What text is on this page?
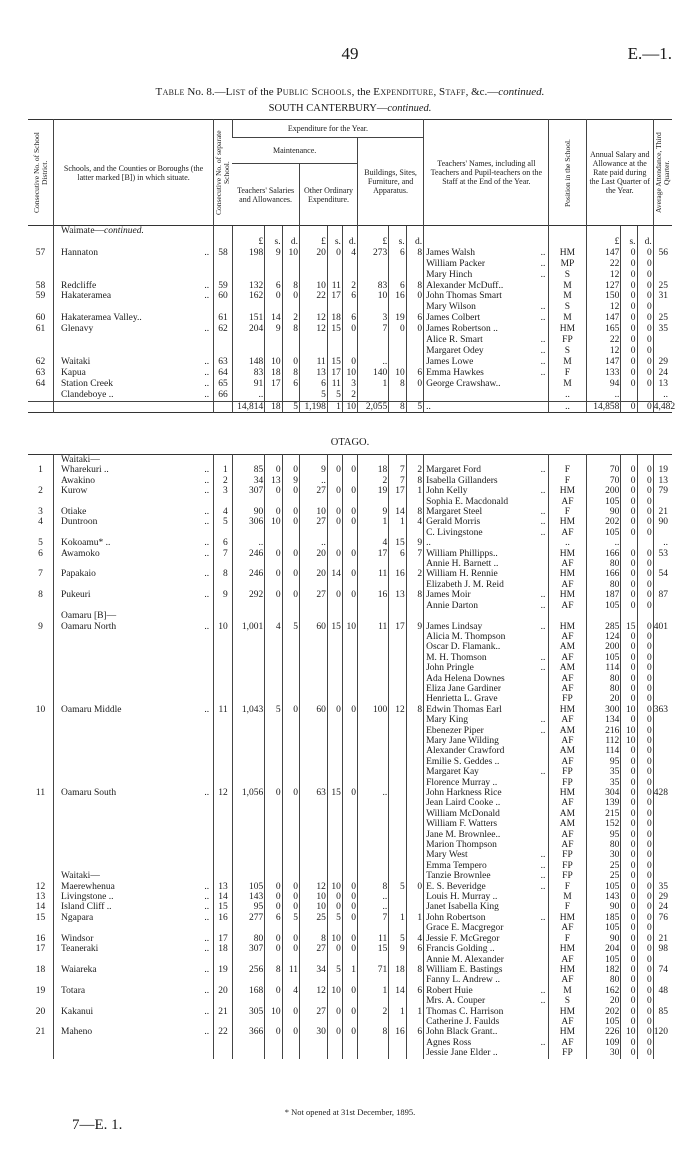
49	E.—1.
Table No. 8.—List of the Public Schools, the Expenditure, Staff, &c.—continued.
SOUTH CANTERBURY—continued.
Consecutive No. of School District.	Schools, and the Counties or Boroughs (the latter marked [B]) in which situate.	Consecutive No. of separate School.	Expenditure for the Year.			Teachers' Names, including all Teachers and Pupil-teachers on the Staff at the End of the Year.	Position in the School.	Annual Salary and Allowance at the Rate paid during the Last Quarter of the Year.	Average Attendance, Third Quarter.

			Maintenance.		Buildings, Sites, Furniture, and Apparatus.				
			Teachers' Salaries and Allowances.	Other Ordinary Expenditure.					
	Waimate—continued.

		£	s.	d.	£	s.	d.	£	s.	d.			£	s.	d.	
57	Hannaton ..	58	198	9	10	20	0	4	273	6	8	James Walsh ..	HM	147	0	0	56

											William Packer ..	MP	22	0	0	

											Mary Hinch ..	S	12	0	0	
58	Redcliffe ..	59	132	6	8	10	11	2	83	6	8	Alexander McDuff..	M	127	0	0	25
59	Hakateramea ..	60	162	0	0	22	17	6	10	16	0	John Thomas Smart	M	150	0	0	31

											Mary Wilson ..	S	12	0	0	
60	Hakateramea Valley..	61	151	14	2	12	18	6	3	19	6	James Colbert ..	M	147	0	0	25
61	Glenavy ..	62	204	9	8	12	15	0	7	0	0	James Robertson ..	HM	165	0	0	35

											Alice R. Smart ..	FP	22	0	0	

											Margaret Odey ..	S	12	0	0	
62	Waitaki ..	63	148	10	0	11	15	0	..			James Lowe ..	M	147	0	0	29
63	Kapua ..	64	83	18	8	13	17	10	140	10	6	Emma Hawkes ..	F	133	0	0	24
64	Station Creek ..	65	91	17	6	6	11	3	1	8	0	George Crawshaw..	M	94	0	0	13
	Clandeboye .. ..	66	..			5	5	2					..	..			..

		14,814	18	5	1,198	1	10	2,055	8	5	..	..	14,858	0	0	4,482
OTAGO.
	Waitaki—

1	Wharekuri .. ..	1	85	0	0	9	0	0	18	7	2	Margaret Ford ..	F	70	0	0	19
	Awakino ..	2	34	13	9	..			2	7	8	Isabella Gillanders	F	70	0	0	13
2	Kurow ..	3	307	0	0	27	0	0	19	17	1	John Kelly ..	HM	200	0	0	79

											Sophia E. Macdonald	AF	105	0	0	
3	Otiake ..	4	90	0	0	10	0	0	9	14	8	Margaret Steel ..	F	90	0	0	21
4	Duntroon ..	5	306	10	0	27	0	0	1	1	4	Gerald Morris ..	HM	202	0	0	90

											C. Livingstone ..	AF	105	0	0	
5	Kokoamu* .. ..	6	..			..			4	15	9	..	..	..			..
6	Awamoko ..	7	246	0	0	20	0	0	17	6	7	William Phillipps..	HM	166	0	0	53

											Annie H. Barnett ..	AF	80	0	0	
7	Papakaio ..	8	246	0	0	20	14	0	11	16	2	William H. Rennie	HM	166	0	0	54

											Elizabeth J. M. Reid	AF	80	0	0	
8	Pukeuri ..	9	292	0	0	27	0	0	16	13	8	James Moir ..	HM	187	0	0	87

											Annie Darton ..	AF	105	0	0	
	Oamaru [B]—

9	Oamaru North ..	10	1,001	4	5	60	15	10	11	17	9	James Lindsay ..	HM	285	15	0	401

											Alicia M. Thompson	AF	124	0	0	

											Oscar D. Flamank..	AM	200	0	0	

											M. H. Thomson ..	AF	105	0	0	

											John Pringle ..	AM	114	0	0	

											Ada Helena Downes	AF	80	0	0	

											Eliza Jane Gardiner	AF	80	0	0	

											Henrietta L. Grave	FP	20	0	0	
10	Oamaru Middle ..	11	1,043	5	0	60	0	0	100	12	8	Edwin Thomas Earl	HM	300	10	0	363

											Mary King ..	AF	134	0	0	

											Ebenezer Piper ..	AM	216	10	0	

											Mary Jane Wilding	AF	112	10	0	

											Alexander Crawford	AM	114	0	0	

											Emilie S. Geddes ..	AF	95	0	0	

											Margaret Kay ..	FP	35	0	0	

											Florence Murray ..	FP	35	0	0	
11	Oamaru South ..	12	1,056	0	0	63	15	0	..			John Harkness Rice	HM	304	0	0	428

											Jean Laird Cooke ..	AF	139	0	0	

											William McDonald	AM	215	0	0	

											William F. Watters	AM	152	0	0	

											Jane M. Brownlee..	AF	95	0	0	

											Marion Thompson	AF	80	0	0	

											Mary West ..	FP	30	0	0	

											Emma Tempero ..	FP	25	0	0	
	Waitaki—											Tanzie Brownlee ..	FP	25	0	0	
12	Maerewhenua ..	13	105	0	0	12	10	0	8	5	0	E. S. Beveridge ..	F	105	0	0	35
13	Livingstone .. ..	14	143	0	0	10	0	0	..			Louis H. Murray ..	M	143	0	0	29
14	Island Cliff .. ..	15	95	0	0	10	0	0	..			Janet Isabella King	F	90	0	0	24
15	Ngapara ..	16	277	6	5	25	5	0	7	1	1	John Robertson ..	HM	185	0	0	76

											Grace E. Macgregor	AF	105	0	0	
16	Windsor ..	17	80	0	0	8	10	0	11	5	4	Jessie F. McGregor	F	90	0	0	21
17	Teaneraki ..	18	307	0	0	27	0	0	15	9	6	Francis Golding ..	HM	204	0	0	98

											Annie M. Alexander	AF	105	0	0	
18	Waiareka ..	19	256	8	11	34	5	1	71	18	8	William E. Bastings	HM	182	0	0	74

											Fanny L. Andrew ..	AF	80	0	0	
19	Totara ..	20	168	0	4	12	10	0	1	14	6	Robert Huie ..	M	162	0	0	48

											Mrs. A. Couper ..	S	20	0	0	
20	Kakanui ..	21	305	10	0	27	0	0	2	1	1	Thomas C. Harrison	HM	202	0	0	85

											Catherine J. Faulds	AF	105	0	0	
21	Maheno ..	22	366	0	0	30	0	0	8	16	6	John Black Grant..	HM	226	10	0	120

											Agnes Ross ..	AF	109	0	0	

											Jessie Jane Elder ..	FP	30	0	0	
* Not opened at 31st December, 1895.
7—E. 1.
